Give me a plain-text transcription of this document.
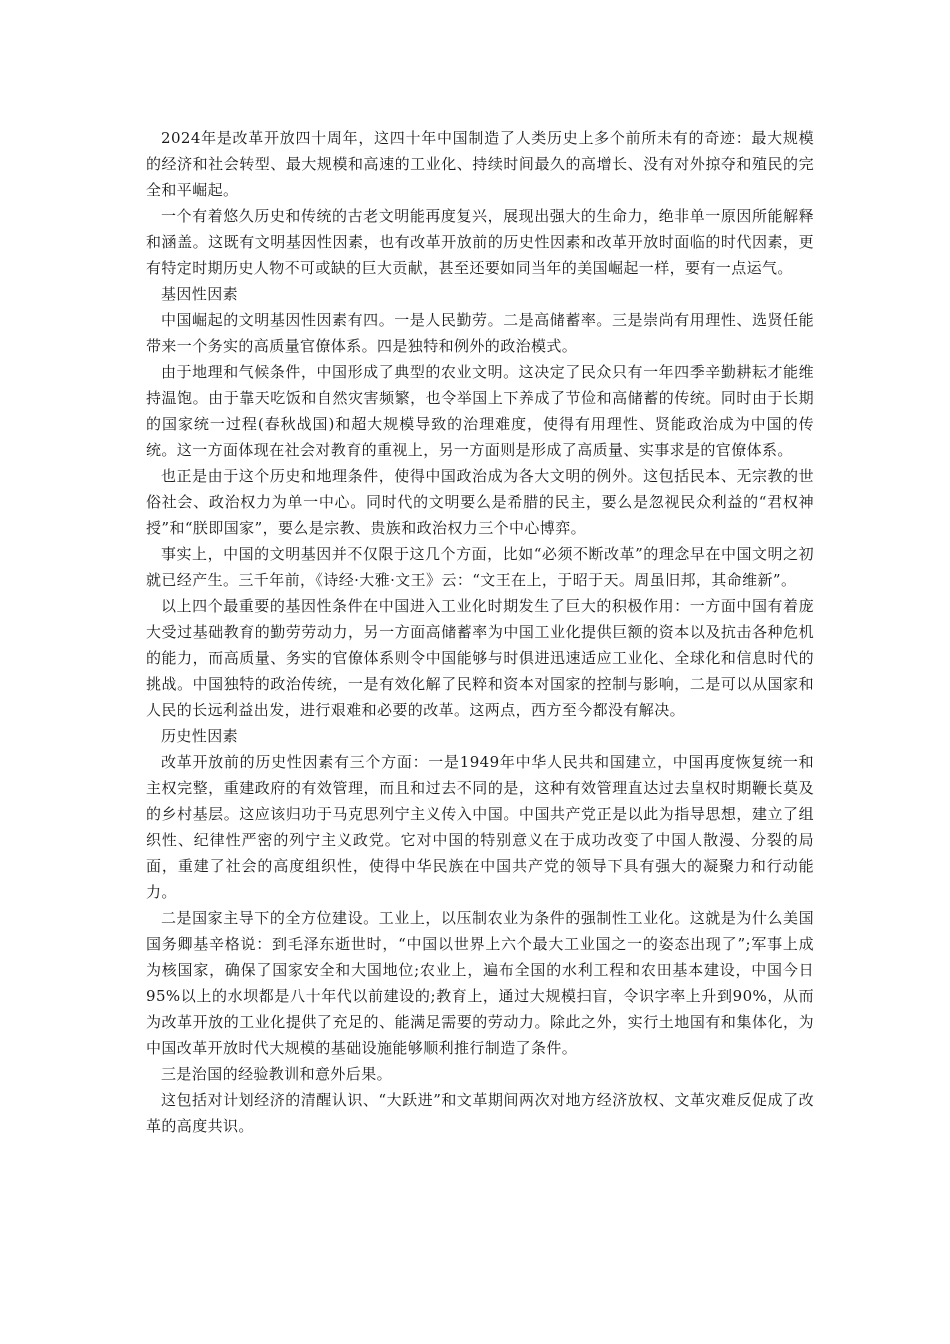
2024年是改革开放四十周年，这四十年中国制造了人类历史上多个前所未有的奇迹：最大规模的经济和社会转型、最大规模和高速的工业化、持续时间最久的高增长、没有对外掠夺和殖民的完全和平崛起。

一个有着悠久历史和传统的古老文明能再度复兴，展现出强大的生命力，绝非单一原因所能解释和涵盖。这既有文明基因性因素，也有改革开放前的历史性因素和改革开放时面临的时代因素，更有特定时期历史人物不可或缺的巨大贡献，甚至还要如同当年的美国崛起一样，要有一点运气。

基因性因素

中国崛起的文明基因性因素有四。一是人民勤劳。二是高储蓄率。三是崇尚有用理性、选贤任能带来一个务实的高质量官僚体系。四是独特和例外的政治模式。

由于地理和气候条件，中国形成了典型的农业文明。这决定了民众只有一年四季辛勤耕耘才能维持温饱。由于靠天吃饭和自然灾害频繁，也令举国上下养成了节俭和高储蓄的传统。同时由于长期的国家统一过程(春秋战国)和超大规模导致的治理难度，使得有用理性、贤能政治成为中国的传统。这一方面体现在社会对教育的重视上，另一方面则是形成了高质量、实事求是的官僚体系。

也正是由于这个历史和地理条件，使得中国政治成为各大文明的例外。这包括民本、无宗教的世俗社会、政治权力为单一中心。同时代的文明要么是希腊的民主，要么是忽视民众利益的“君权神授”和“朕即国家”，要么是宗教、贵族和政治权力三个中心博弈。

事实上，中国的文明基因并不仅限于这几个方面，比如“必须不断改革”的理念早在中国文明之初就已经产生。三千年前，《诗经·大雅·文王》云：“文王在上，于昭于天。周虽旧邦，其命维新”。

以上四个最重要的基因性条件在中国进入工业化时期发生了巨大的积极作用：一方面中国有着庞大受过基础教育的勤劳劳动力，另一方面高储蓄率为中国工业化提供巨额的资本以及抗击各种危机的能力，而高质量、务实的官僚体系则令中国能够与时俱进迅速适应工业化、全球化和信息时代的挑战。中国独特的政治传统，一是有效化解了民粹和资本对国家的控制与影响，二是可以从国家和人民的长远利益出发，进行艰难和必要的改革。这两点，西方至今都没有解决。

历史性因素

改革开放前的历史性因素有三个方面：一是1949年中华人民共和国建立，中国再度恢复统一和主权完整，重建政府的有效管理，而且和过去不同的是，这种有效管理直达过去皇权时期鞭长莫及的乡村基层。这应该归功于马克思列宁主义传入中国。中国共产党正是以此为指导思想，建立了组织性、纪律性严密的列宁主义政党。它对中国的特别意义在于成功改变了中国人散漫、分裂的局面，重建了社会的高度组织性，使得中华民族在中国共产党的领导下具有强大的凝聚力和行动能力。

二是国家主导下的全方位建设。工业上，以压制农业为条件的强制性工业化。这就是为什么美国国务卿基辛格说：到毛泽东逝世时，“中国以世界上六个最大工业国之一的姿态出现了”;军事上成为核国家，确保了国家安全和大国地位;农业上，遍布全国的水利工程和农田基本建设，中国今日95%以上的水坝都是八十年代以前建设的;教育上，通过大规模扫盲，令识字率上升到90%，从而为改革开放的工业化提供了充足的、能满足需要的劳动力。除此之外，实行土地国有和集体化，为中国改革开放时代大规模的基础设施能够顺利推行制造了条件。

三是治国的经验教训和意外后果。

这包括对计划经济的清醒认识、“大跃进”和文革期间两次对地方经济放权、文革灾难反促成了改革的高度共识。
